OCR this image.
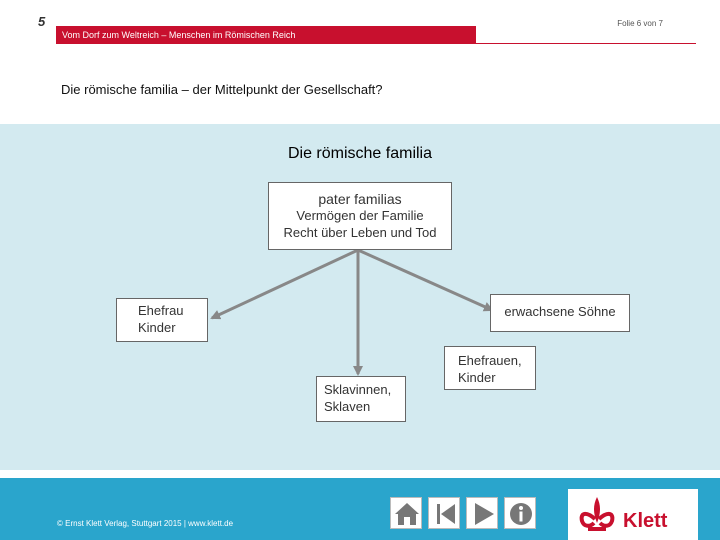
5	Folie 6 von 7
Vom Dorf zum Weltreich – Menschen im Römischen Reich
Die römische familia – der Mittelpunkt der Gesellschaft?
Die römische familia
pater familias
Vermögen der Familie
Recht über Leben und Tod
Ehefrau
Kinder
erwachsene Söhne
Sklavinnen,
Sklaven
Ehefrauen,
Kinder
© Ernst Klett Verlag, Stuttgart 2015 | www.klett.de	Klett
